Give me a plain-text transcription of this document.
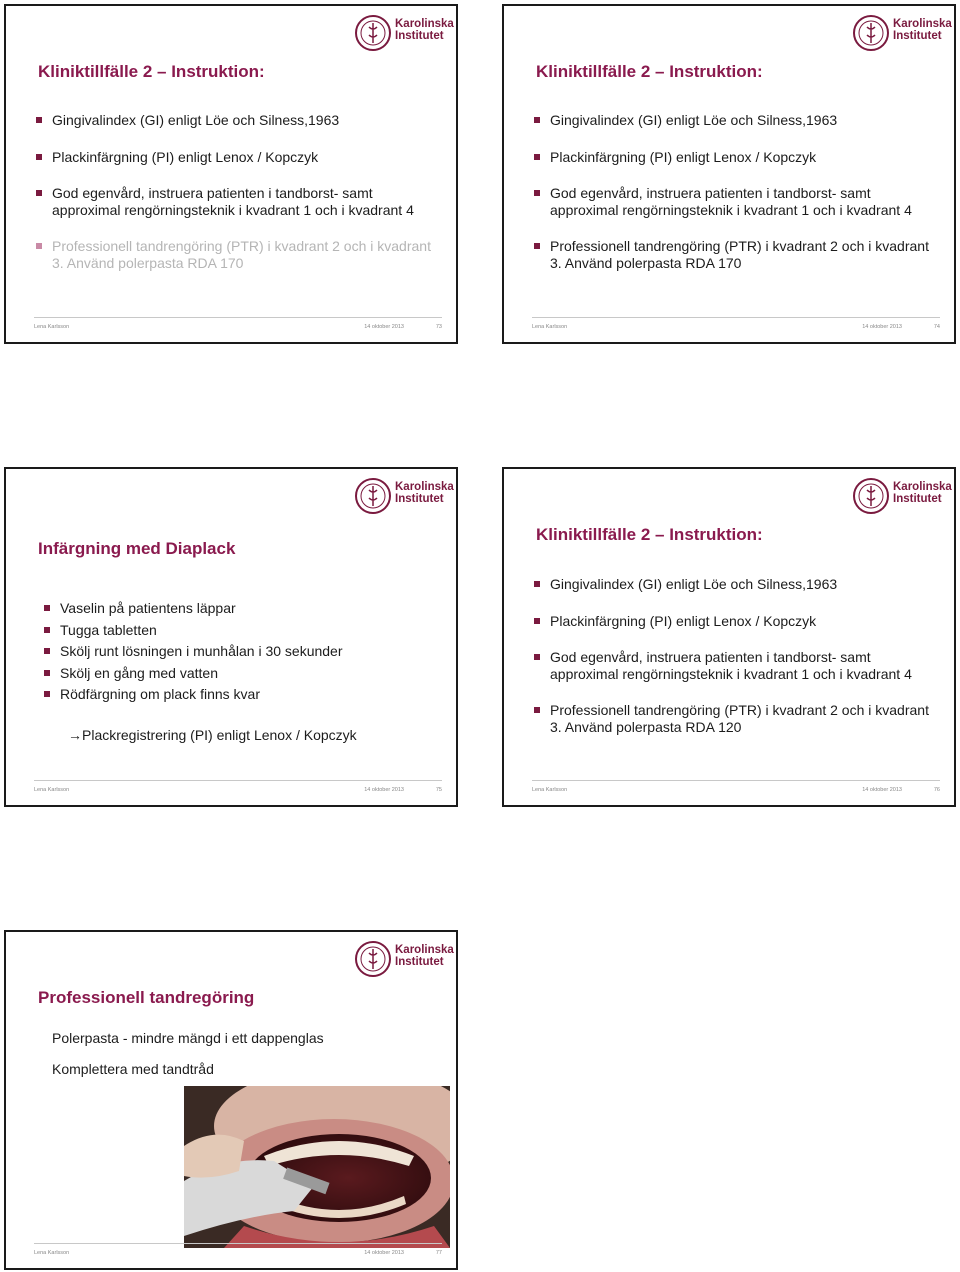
Karolinska
Institutet
Kliniktillfälle 2 – Instruktion:
Gingivalindex (GI) enligt Löe och Silness,1963
Plackinfärgning (PI) enligt Lenox / Kopczyk
God egenvård, instruera patienten i tandborst- samt approximal rengörningsteknik i kvadrant 1 och i kvadrant 4
Professionell tandrengöring (PTR) i kvadrant 2 och i kvadrant 3. Använd polerpasta RDA 170
Lena Karlsson	14 oktober 2013	73
Karolinska
Institutet
Kliniktillfälle 2 – Instruktion:
Gingivalindex (GI) enligt Löe och Silness,1963
Plackinfärgning (PI) enligt Lenox / Kopczyk
God egenvård, instruera patienten i tandborst- samt approximal rengörningsteknik i kvadrant 1 och i kvadrant 4
Professionell tandrengöring (PTR) i kvadrant 2 och i kvadrant 3. Använd polerpasta RDA 170
Lena Karlsson	14 oktober 2013	74
Karolinska
Institutet
Infärgning med Diaplack
Vaselin på patientens läppar
Tugga tabletten
Skölj runt lösningen i munhålan i 30 sekunder
Skölj en gång med vatten
Rödfärgning om plack finns kvar
→Plackregistrering (PI) enligt Lenox / Kopczyk
Lena Karlsson	14 oktober 2013	75
Karolinska
Institutet
Kliniktillfälle 2 – Instruktion:
Gingivalindex (GI) enligt Löe och Silness,1963
Plackinfärgning (PI) enligt Lenox / Kopczyk
God egenvård, instruera patienten i tandborst- samt approximal rengörningsteknik i kvadrant 1 och i kvadrant 4
Professionell tandrengöring (PTR) i kvadrant 2 och i kvadrant 3. Använd polerpasta RDA 120
Lena Karlsson	14 oktober 2013	76
Karolinska
Institutet
Professionell tandregöring
Polerpasta - mindre mängd i ett dappenglas
Komplettera med tandtråd
Lena Karlsson	14 oktober 2013	77
